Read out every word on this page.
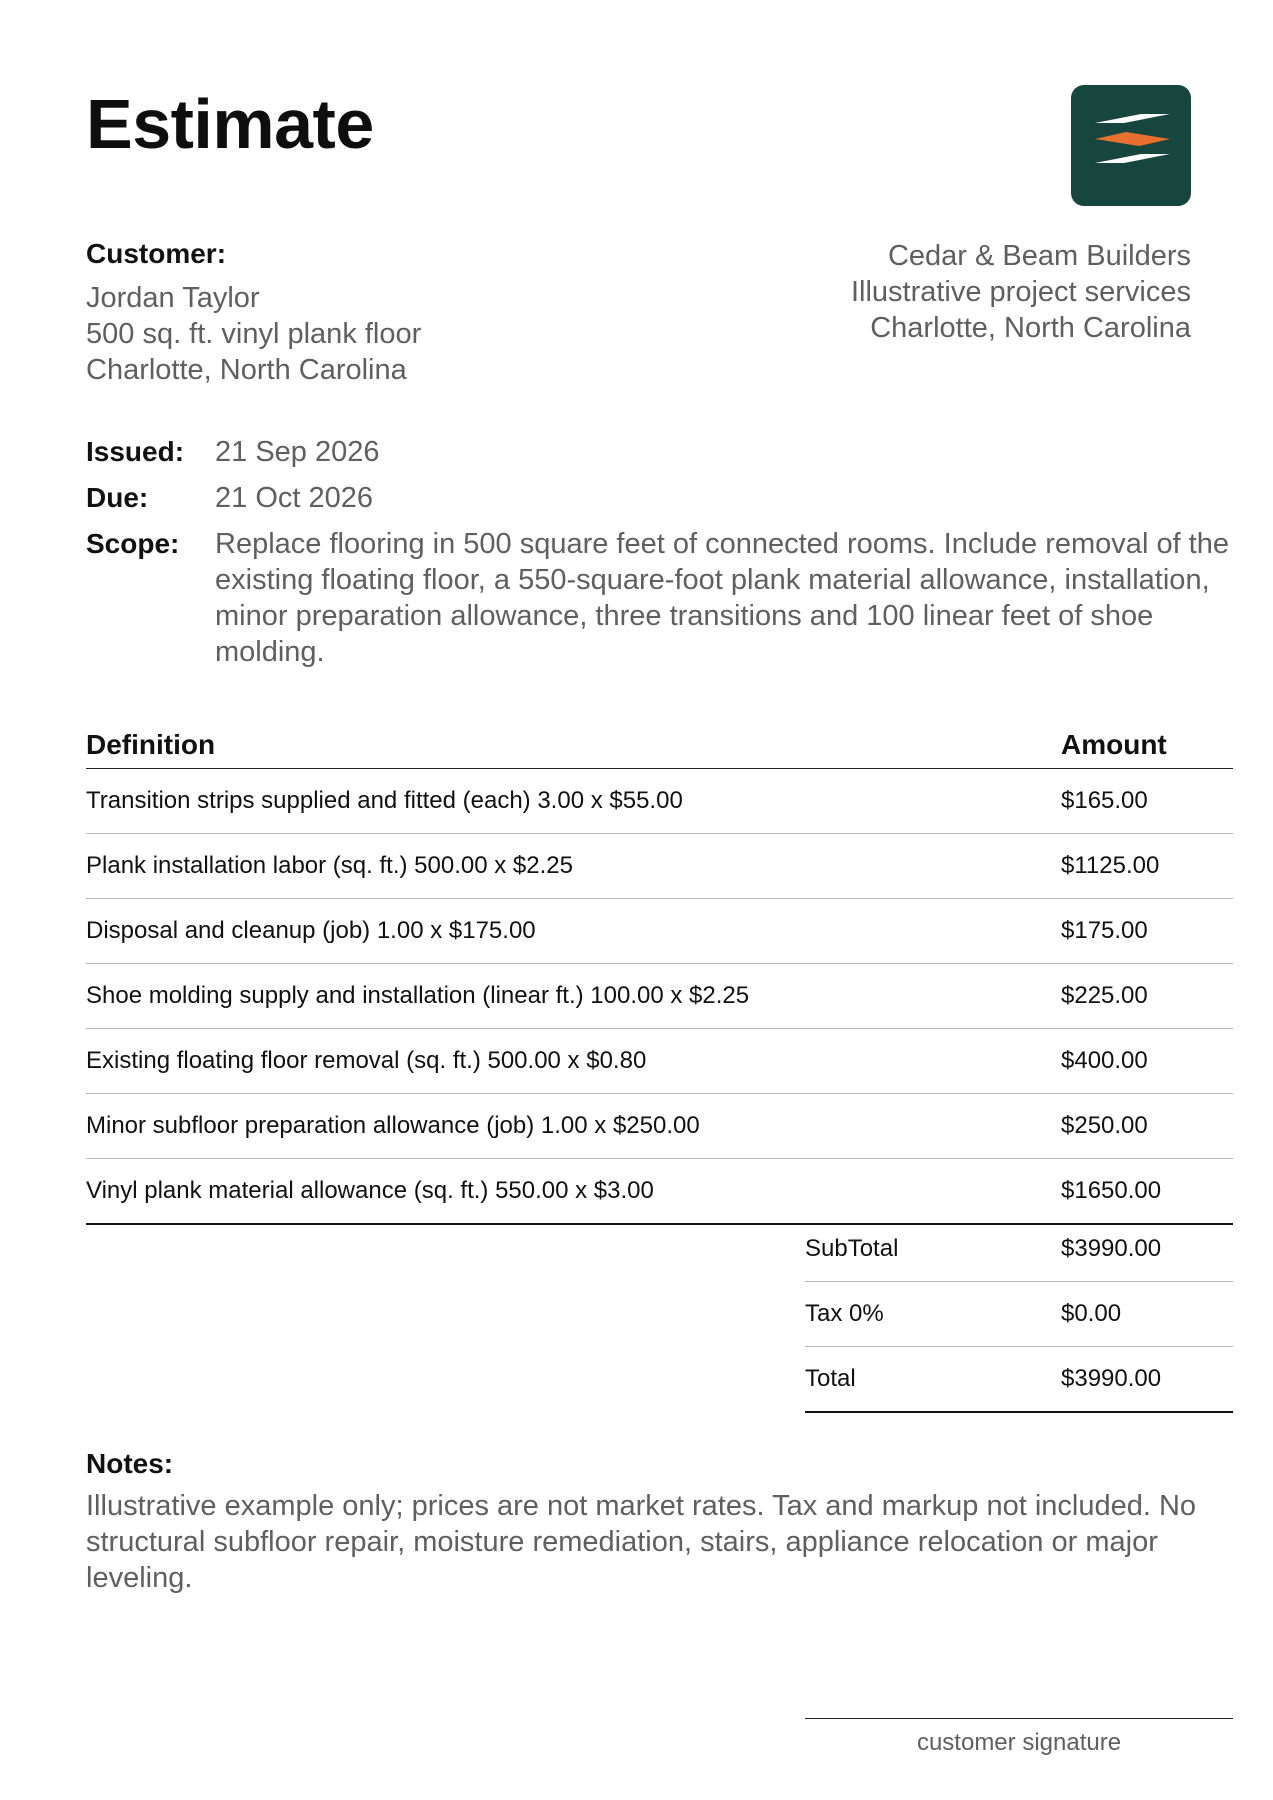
Estimate
Customer:
Jordan Taylor
500 sq. ft. vinyl plank floor
Charlotte, North Carolina
Cedar & Beam Builders
Illustrative project services
Charlotte, North Carolina
Issued:	21 Sep 2026
Due:	21 Oct 2026
Scope:	Replace flooring in 500 square feet of connected rooms. Include removal of the existing floating floor, a 550-square-foot plank material allowance, installation, minor preparation allowance, three transitions and 100 linear feet of shoe molding.
Definition	Amount
Transition strips supplied and fitted (each) 3.00 x $55.00	$165.00
Plank installation labor (sq. ft.) 500.00 x $2.25	$1125.00
Disposal and cleanup (job) 1.00 x $175.00	$175.00
Shoe molding supply and installation (linear ft.) 100.00 x $2.25	$225.00
Existing floating floor removal (sq. ft.) 500.00 x $0.80	$400.00
Minor subfloor preparation allowance (job) 1.00 x $250.00	$250.00
Vinyl plank material allowance (sq. ft.) 550.00 x $3.00	$1650.00
SubTotal	$3990.00
Tax 0%	$0.00
Total	$3990.00
Notes:
Illustrative example only; prices are not market rates. Tax and markup not included. No structural subfloor repair, moisture remediation, stairs, appliance relocation or major leveling.
customer signature
